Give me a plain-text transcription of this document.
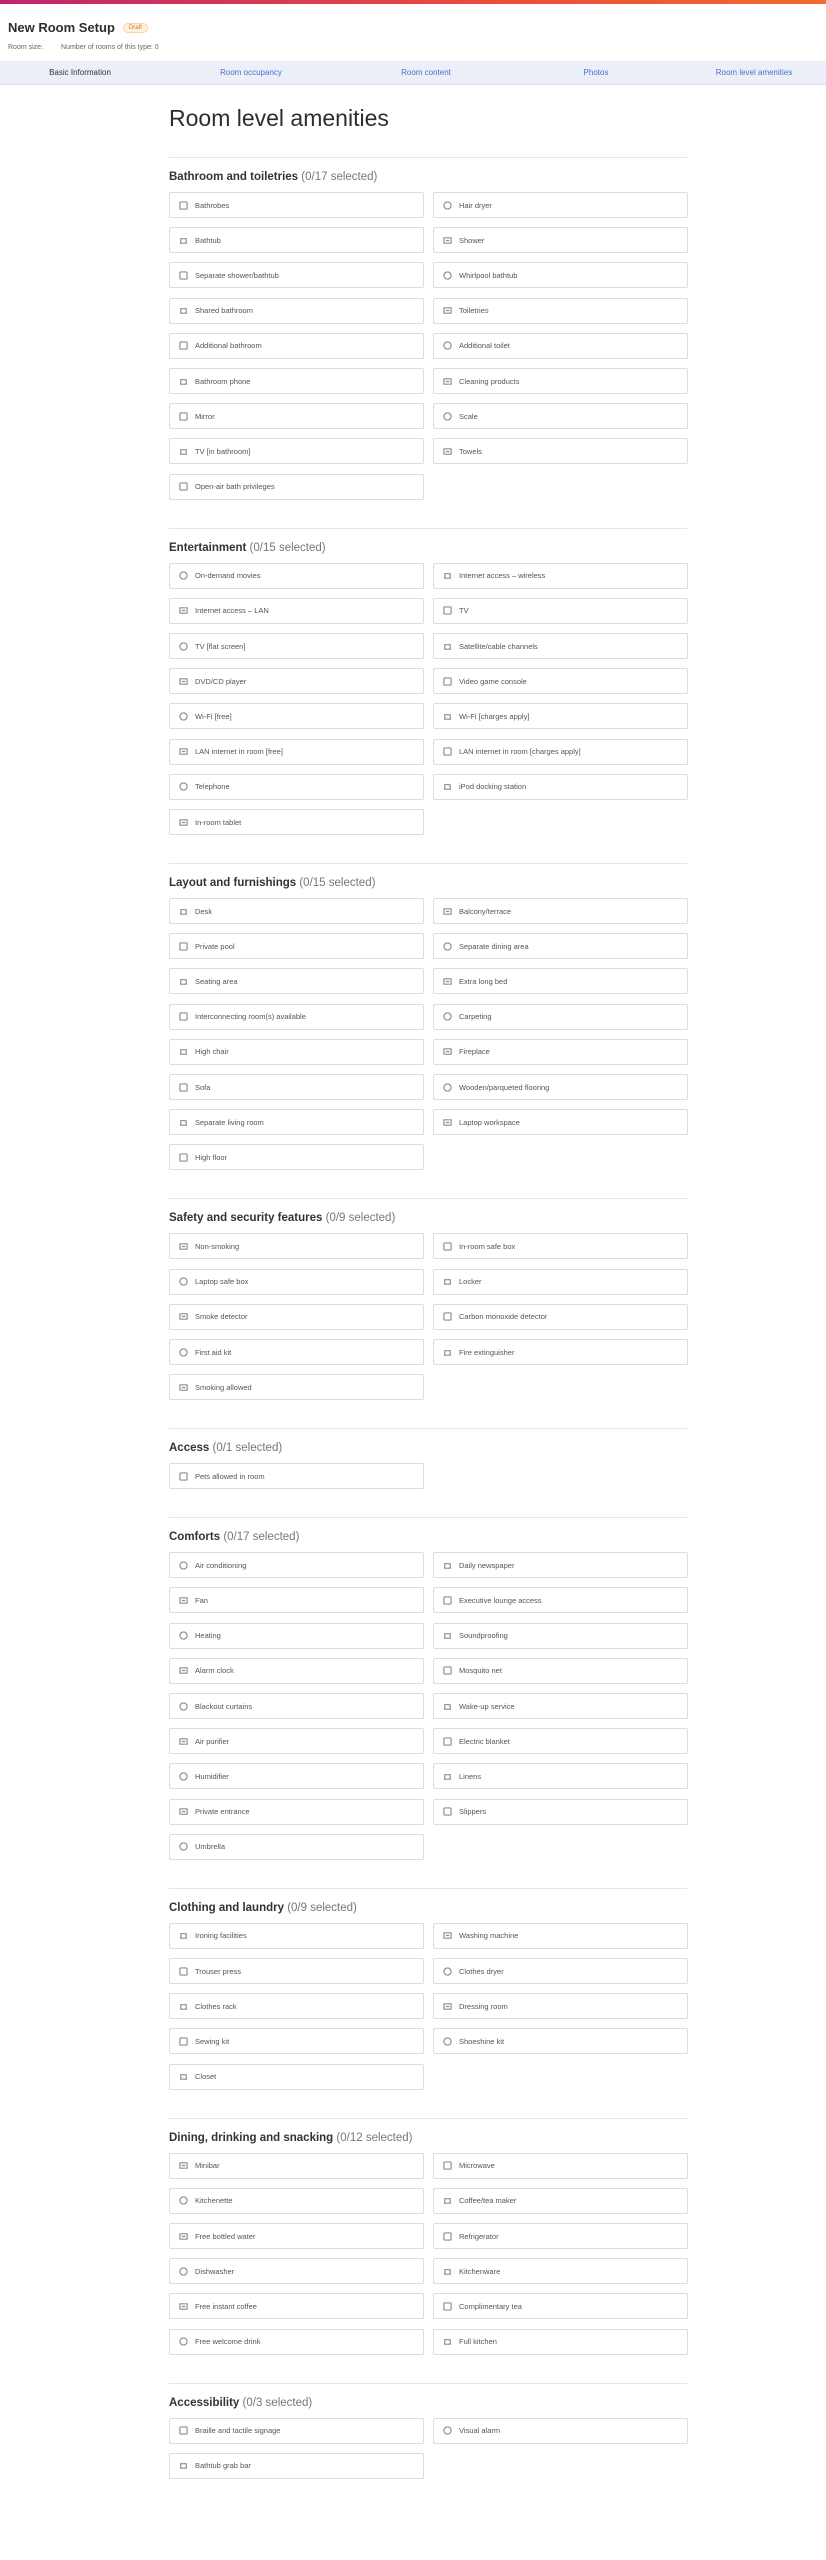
New Room Setup	Draft
Room size:	Number of rooms of this type: 0
Basic Information	Room occupancy	Room content	Photos	Room level amenities
Room level amenities
Bathroom and toiletries (0/17 selected)
Bathrobes	Hair dryer
Bathtub	Shower
Separate shower/bathtub	Whirlpool bathtub
Shared bathroom	Toiletries
Additional bathroom	Additional toilet
Bathroom phone	Cleaning products
Mirror	Scale
TV [in bathroom]	Towels
Open-air bath privileges
Entertainment (0/15 selected)
On-demand movies	Internet access – wireless
Internet access – LAN	TV
TV [flat screen]	Satellite/cable channels
DVD/CD player	Video game console
Wi-Fi [free]	Wi-Fi [charges apply]
LAN internet in room [free]	LAN internet in room [charges apply]
Telephone	iPod docking station
In-room tablet
Layout and furnishings (0/15 selected)
Desk	Balcony/terrace
Private pool	Separate dining area
Seating area	Extra long bed
Interconnecting room(s) available	Carpeting
High chair	Fireplace
Sofa	Wooden/parqueted flooring
Separate living room	Laptop workspace
High floor
Safety and security features (0/9 selected)
Non-smoking	In-room safe box
Laptop safe box	Locker
Smoke detector	Carbon monoxide detector
First aid kit	Fire extinguisher
Smoking allowed
Access (0/1 selected)
Pets allowed in room
Comforts (0/17 selected)
Air conditioning	Daily newspaper
Fan	Executive lounge access
Heating	Soundproofing
Alarm clock	Mosquito net
Blackout curtains	Wake-up service
Air purifier	Electric blanket
Humidifier	Linens
Private entrance	Slippers
Umbrella
Clothing and laundry (0/9 selected)
Ironing facilities	Washing machine
Trouser press	Clothes dryer
Clothes rack	Dressing room
Sewing kit	Shoeshine kit
Closet
Dining, drinking and snacking (0/12 selected)
Minibar	Microwave
Kitchenette	Coffee/tea maker
Free bottled water	Refrigerator
Dishwasher	Kitchenware
Free instant coffee	Complimentary tea
Free welcome drink	Full kitchen
Accessibility (0/3 selected)
Braille and tactile signage	Visual alarm
Bathtub grab bar
